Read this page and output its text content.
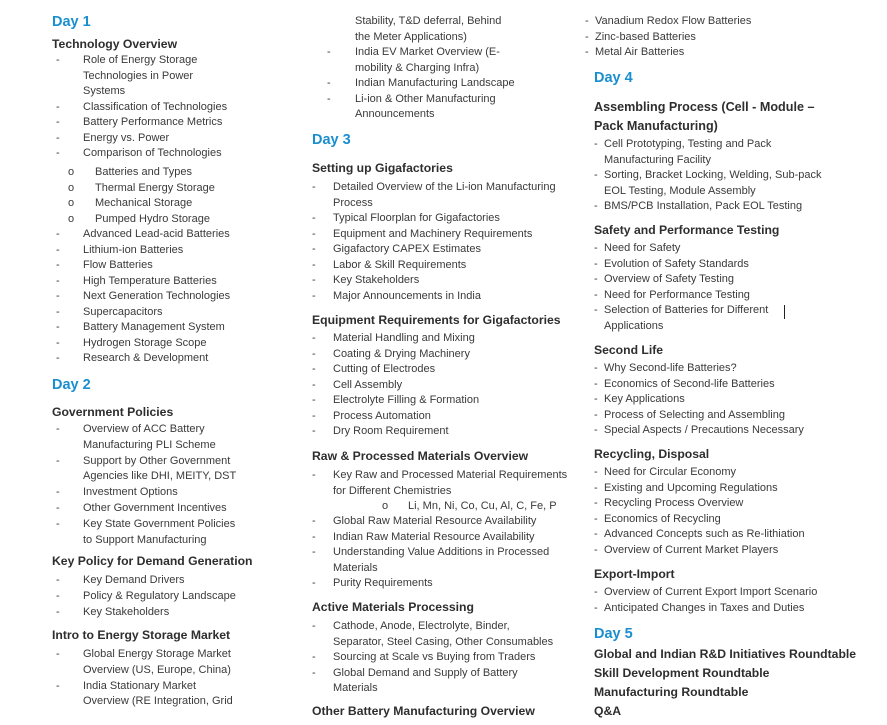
Day 1
Technology Overview
- Role of Energy Storage
Technologies in Power
Systems
- Classification of Technologies
- Battery Performance Metrics
- Energy vs. Power
- Comparison of Technologies
o Batteries and Types
o Thermal Energy Storage
o Mechanical Storage
o Pumped Hydro Storage
- Advanced Lead-acid Batteries
- Lithium-ion Batteries
- Flow Batteries
- High Temperature Batteries
- Next Generation Technologies
- Supercapacitors
- Battery Management System
- Hydrogen Storage Scope
- Research & Development
Day 2
Government Policies
- Overview of ACC Battery
Manufacturing PLI Scheme
- Support by Other Government
Agencies like DHI, MEITY, DST
- Investment Options
- Other Government Incentives
- Key State Government Policies
to Support Manufacturing
Key Policy for Demand Generation
- Key Demand Drivers
- Policy & Regulatory Landscape
- Key Stakeholders
Intro to Energy Storage Market
- Global Energy Storage Market
Overview (US, Europe, China)
- India Stationary Market
Overview (RE Integration, Grid
Stability, T&D deferral, Behind
the Meter Applications)
- India EV Market Overview (E-
mobility & Charging Infra)
- Indian Manufacturing Landscape
- Li-ion & Other Manufacturing
Announcements
Day 3
Setting up Gigafactories
- Detailed Overview of the Li-ion Manufacturing
Process
- Typical Floorplan for Gigafactories
- Equipment and Machinery Requirements
- Gigafactory CAPEX Estimates
- Labor & Skill Requirements
- Key Stakeholders
- Major Announcements in India
Equipment Requirements for Gigafactories
- Material Handling and Mixing
- Coating & Drying Machinery
- Cutting of Electrodes
- Cell Assembly
- Electrolyte Filling & Formation
- Process Automation
- Dry Room Requirement
Raw & Processed Materials Overview
- Key Raw and Processed Material Requirements
for Different Chemistries
o Li, Mn, Ni, Co, Cu, Al, C, Fe, P
- Global Raw Material Resource Availability
- Indian Raw Material Resource Availability
- Understanding Value Additions in Processed
Materials
- Purity Requirements
Active Materials Processing
- Cathode, Anode, Electrolyte, Binder,
Separator, Steel Casing, Other Consumables
- Sourcing at Scale vs Buying from Traders
- Global Demand and Supply of Battery
Materials
Other Battery Manufacturing Overview
- Vanadium Redox Flow Batteries
- Zinc-based Batteries
- Metal Air Batteries
Day 4
Assembling Process (Cell - Module – Pack Manufacturing)
- Cell Prototyping, Testing and Pack
Manufacturing Facility
- Sorting, Bracket Locking, Welding, Sub-pack
EOL Testing, Module Assembly
- BMS/PCB Installation, Pack EOL Testing
Safety and Performance Testing
- Need for Safety
- Evolution of Safety Standards
- Overview of Safety Testing
- Need for Performance Testing
- Selection of Batteries for Different
Applications
Second Life
- Why Second-life Batteries?
- Economics of Second-life Batteries
- Key Applications
- Process of Selecting and Assembling
- Special Aspects / Precautions Necessary
Recycling, Disposal
- Need for Circular Economy
- Existing and Upcoming Regulations
- Recycling Process Overview
- Economics of Recycling
- Advanced Concepts such as Re-lithiation
- Overview of Current Market Players
Export-Import
- Overview of Current Export Import Scenario
- Anticipated Changes in Taxes and Duties
Day 5
Global and Indian R&D Initiatives Roundtable
Skill Development Roundtable
Manufacturing Roundtable
Q&A
